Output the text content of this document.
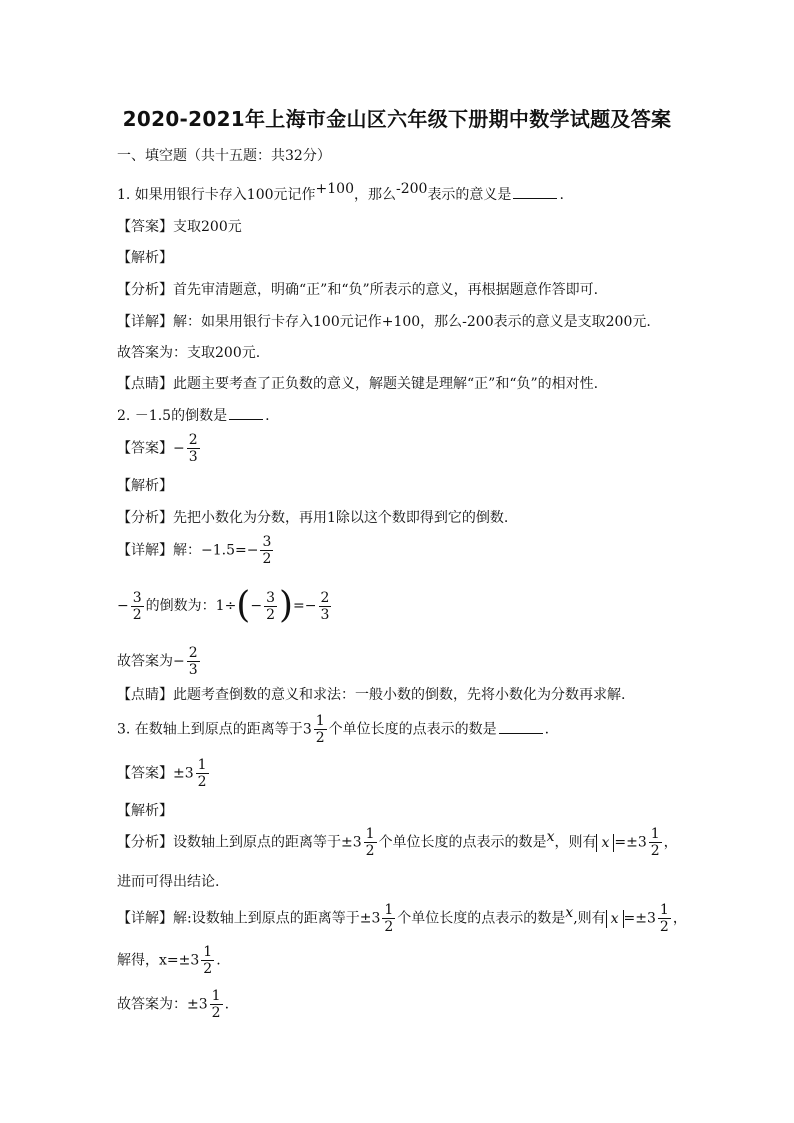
2020-2021年上海市金山区六年级下册期中数学试题及答案
一、填空题（共十五题：共32分）
1. 如果用银行卡存入100元记作+100，那么-200表示的意义是	.
【答案】支取200元
【解析】
【分析】首先审清题意，明确“正”和“负”所表示的意义，再根据题意作答即可.
【详解】解：如果用银行卡存入100元记作+100，那么-200表示的意义是支取200元.
故答案为：支取200元.
【点睛】此题主要考查了正负数的意义，解题关键是理解“正”和“负”的相对性.
2. －1.5的倒数是	.
【答案】− $\frac{2}{3}$
【解析】
【分析】先把小数化为分数，再用1除以这个数即得到它的倒数.
【详解】解：$-1.5=- \frac{3}{2}$
− $\frac{3}{2}$ 的倒数为：$1\div(- \frac{3}{2}$ )=− $\frac{2}{3}$
故答案为− $\frac{2}{3}$
【点睛】此题考查倒数的意义和求法：一般小数的倒数，先将小数化为分数再求解.
3. 在数轴上到原点的距离等于$3 \frac{1}{2}$ 个单位长度的点表示的数是	.
【答案】$\pm 3 \frac{1}{2}$
【解析】
【分析】设数轴上到原点的距离等于$\pm 3 \frac{1}{2}$ 个单位长度的点表示的数是x，则有 $x =\pm 3 \frac{1}{2}$ ，
进而可得出结论.
【详解】解:设数轴上到原点的距离等于$\pm 3 \frac{1}{2}$ 个单位长度的点表示的数是x,则有 $x =\pm 3 \frac{1}{2}$ ，
解得，$x=\pm 3 \frac{1}{2}$ .
故答案为：$\pm 3 \frac{1}{2}$ .
